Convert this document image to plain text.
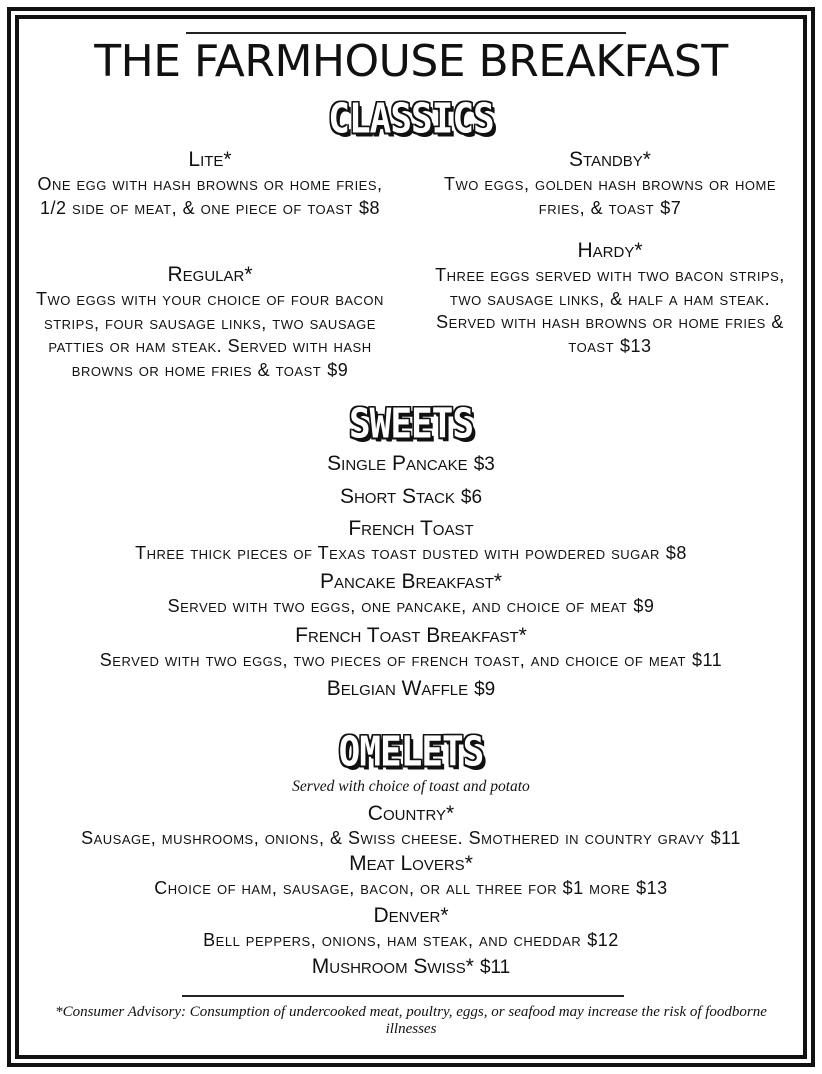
THE FARMHOUSE BREAKFAST
CLASSICS
Lite*
One egg with hash browns or home fries, 1/2 side of meat, & one piece of toast $8
Regular*
Two eggs with your choice of four bacon strips, four sausage links, two sausage patties or ham steak. Served with hash browns or home fries & toast $9
Standby*
Two eggs, golden hash browns or home fries, & toast $7
Hardy*
Three eggs served with two bacon strips, two sausage links, & half a ham steak. Served with hash browns or home fries & toast $13
SWEETS
Single Pancake $3
Short Stack $6
French Toast
Three thick pieces of Texas toast dusted with powdered sugar $8
Pancake Breakfast*
Served with two eggs, one pancake, and choice of meat $9
French Toast Breakfast*
Served with two eggs, two pieces of french toast, and choice of meat $11
Belgian Waffle $9
OMELETS
Served with choice of toast and potato
Country*
Sausage, mushrooms, onions, & Swiss cheese. Smothered in country gravy $11
Meat Lovers*
Choice of ham, sausage, bacon, or all three for $1 more $13
Denver*
Bell peppers, onions, ham steak, and cheddar $12
Mushroom Swiss* $11
*Consumer Advisory: Consumption of undercooked meat, poultry, eggs, or seafood may increase the risk of foodborne illnesses
